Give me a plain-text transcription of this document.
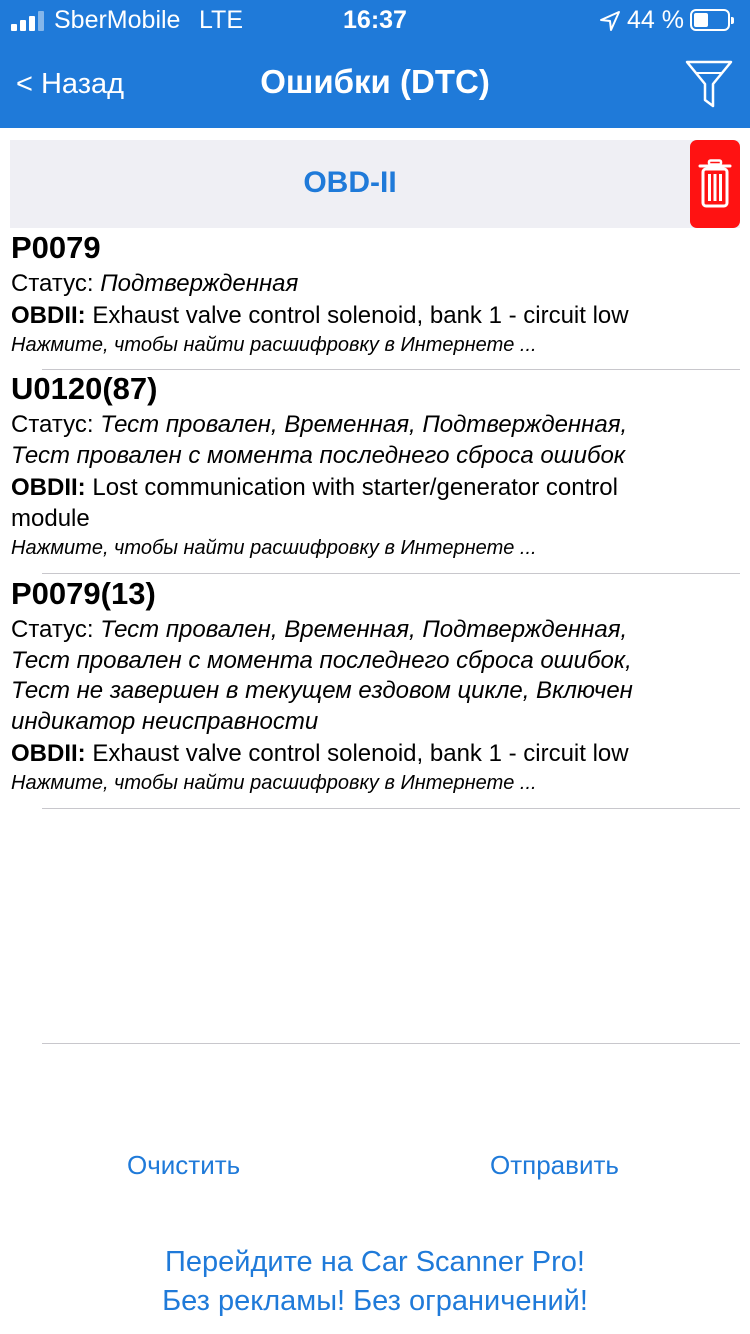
SberMobile LTE	16:37	44 %
< Назад	Ошибки (DTC)
OBD-II
P0079
Статус: Подтвержденная
OBDII: Exhaust valve control solenoid, bank 1 - circuit low
Нажмите, чтобы найти расшифровку в Интернете ...
U0120(87)
Статус: Тест провален, Временная, Подтвержденная,
Тест провален с момента последнего сброса ошибок
OBDII: Lost communication with starter/generator control
module
Нажмите, чтобы найти расшифровку в Интернете ...
P0079(13)
Статус: Тест провален, Временная, Подтвержденная,
Тест провален с момента последнего сброса ошибок,
Тест не завершен в текущем ездовом цикле, Включен
индикатор неисправности
OBDII: Exhaust valve control solenoid, bank 1 - circuit low
Нажмите, чтобы найти расшифровку в Интернете ...
Очистить	Отправить
Перейдите на Car Scanner Pro!
Без рекламы! Без ограничений!
